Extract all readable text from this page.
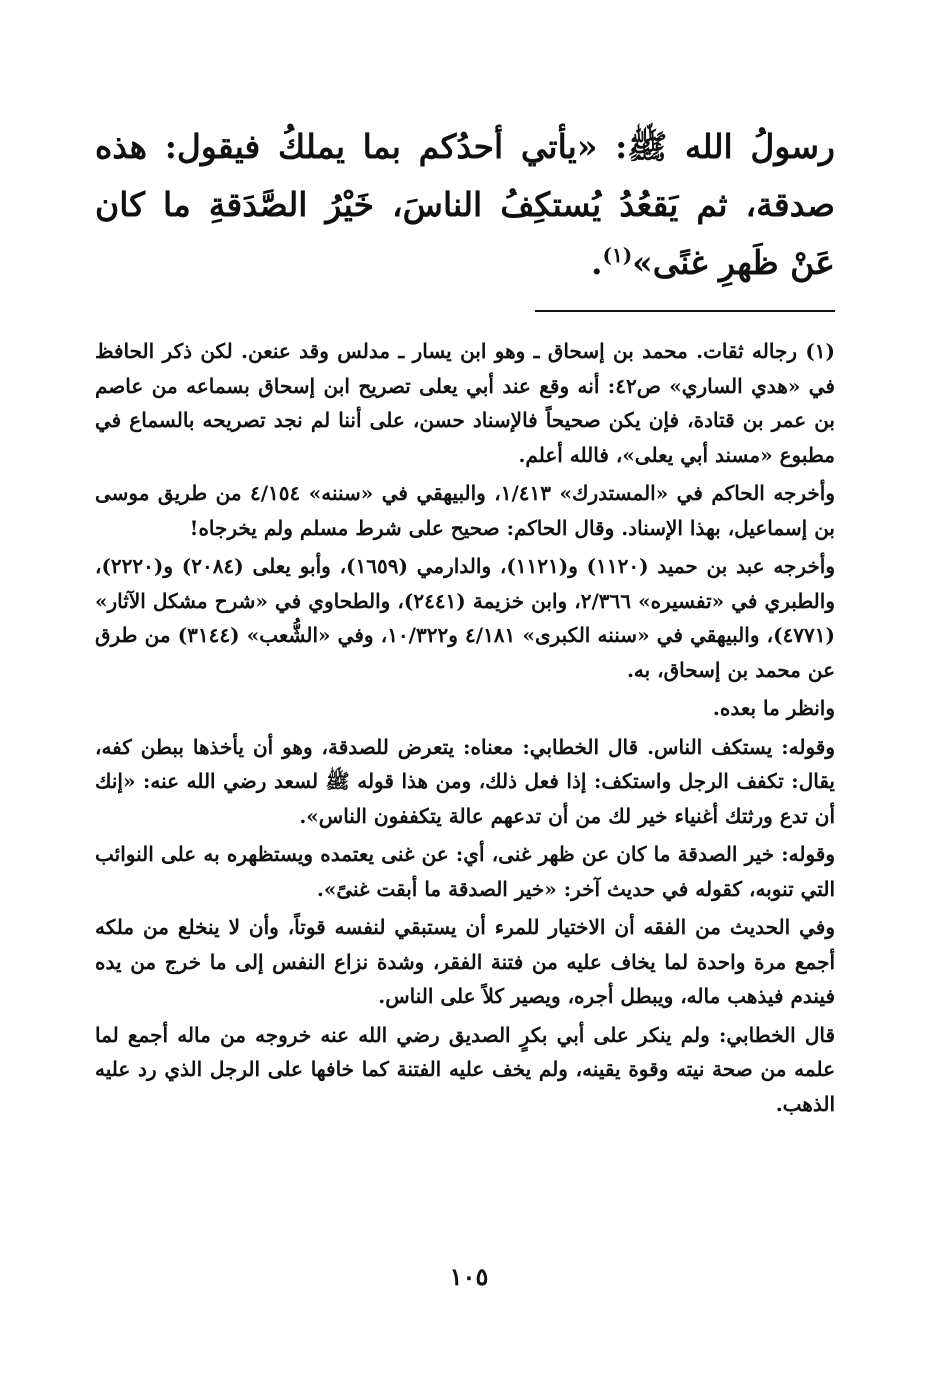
رسولُ الله ﷺ: «يأتي أحدُكم بما يملكُ فيقول: هذه صدقة، ثم يَقعُدُ يُستكِفُ الناسَ، خَيْرُ الصَّدَقةِ ما كان عَنْ ظَهرِ غنًى»$^{(١)}$.

(١) رجاله ثقات. محمد بن إسحاق ـ وهو ابن يسار ـ مدلس وقد عنعن. لكن ذكر الحافظ في «هدي الساري» ص٤٢: أنه وقع عند أبي يعلى تصريح ابن إسحاق بسماعه من عاصم بن عمر بن قتادة، فإن يكن صحيحاً فالإسناد حسن، على أننا لم نجد تصريحه بالسماع في مطبوع «مسند أبي يعلى»، فالله أعلم.

وأخرجه الحاكم في «المستدرك» ١/٤١٣، والبيهقي في «سننه» ٤/١٥٤ من طريق موسى بن إسماعيل، بهذا الإسناد. وقال الحاكم: صحيح على شرط مسلم ولم يخرجاه!

وأخرجه عبد بن حميد (١١٢٠) و(١١٢١)، والدارمي (١٦٥٩)، وأبو يعلى (٢٠٨٤) و(٢٢٢٠)، والطبري في «تفسيره» ٢/٣٦٦، وابن خزيمة (٢٤٤١)، والطحاوي في «شرح مشكل الآثار» (٤٧٧١)، والبيهقي في «سننه الكبرى» ٤/١٨١ و١٠/٣٢٢، وفي «الشُّعب» (٣١٤٤) من طرق عن محمد بن إسحاق، به.

وانظر ما بعده.

وقوله: يستكف الناس. قال الخطابي: معناه: يتعرض للصدقة، وهو أن يأخذها ببطن كفه، يقال: تكفف الرجل واستكف: إذا فعل ذلك، ومن هذا قوله ﷺ لسعد رضي الله عنه: «إنك أن تدع ورثتك أغنياء خير لك من أن تدعهم عالة يتكففون الناس».

وقوله: خير الصدقة ما كان عن ظهر غنى، أي: عن غنى يعتمده ويستظهره به على النوائب التي تنوبه، كقوله في حديث آخر: «خير الصدقة ما أبقت غنىً».

وفي الحديث من الفقه أن الاختيار للمرء أن يستبقي لنفسه قوتاً، وأن لا ينخلع من ملكه أجمع مرة واحدة لما يخاف عليه من فتنة الفقر، وشدة نزاع النفس إلى ما خرج من يده فيندم فيذهب ماله، ويبطل أجره، ويصير كلاً على الناس.

قال الخطابي: ولم ينكر على أبي بكرٍ الصديق رضي الله عنه خروجه من ماله أجمع لما علمه من صحة نيته وقوة يقينه، ولم يخف عليه الفتنة كما خافها على الرجل الذي رد عليه الذهب.

١٠٥
